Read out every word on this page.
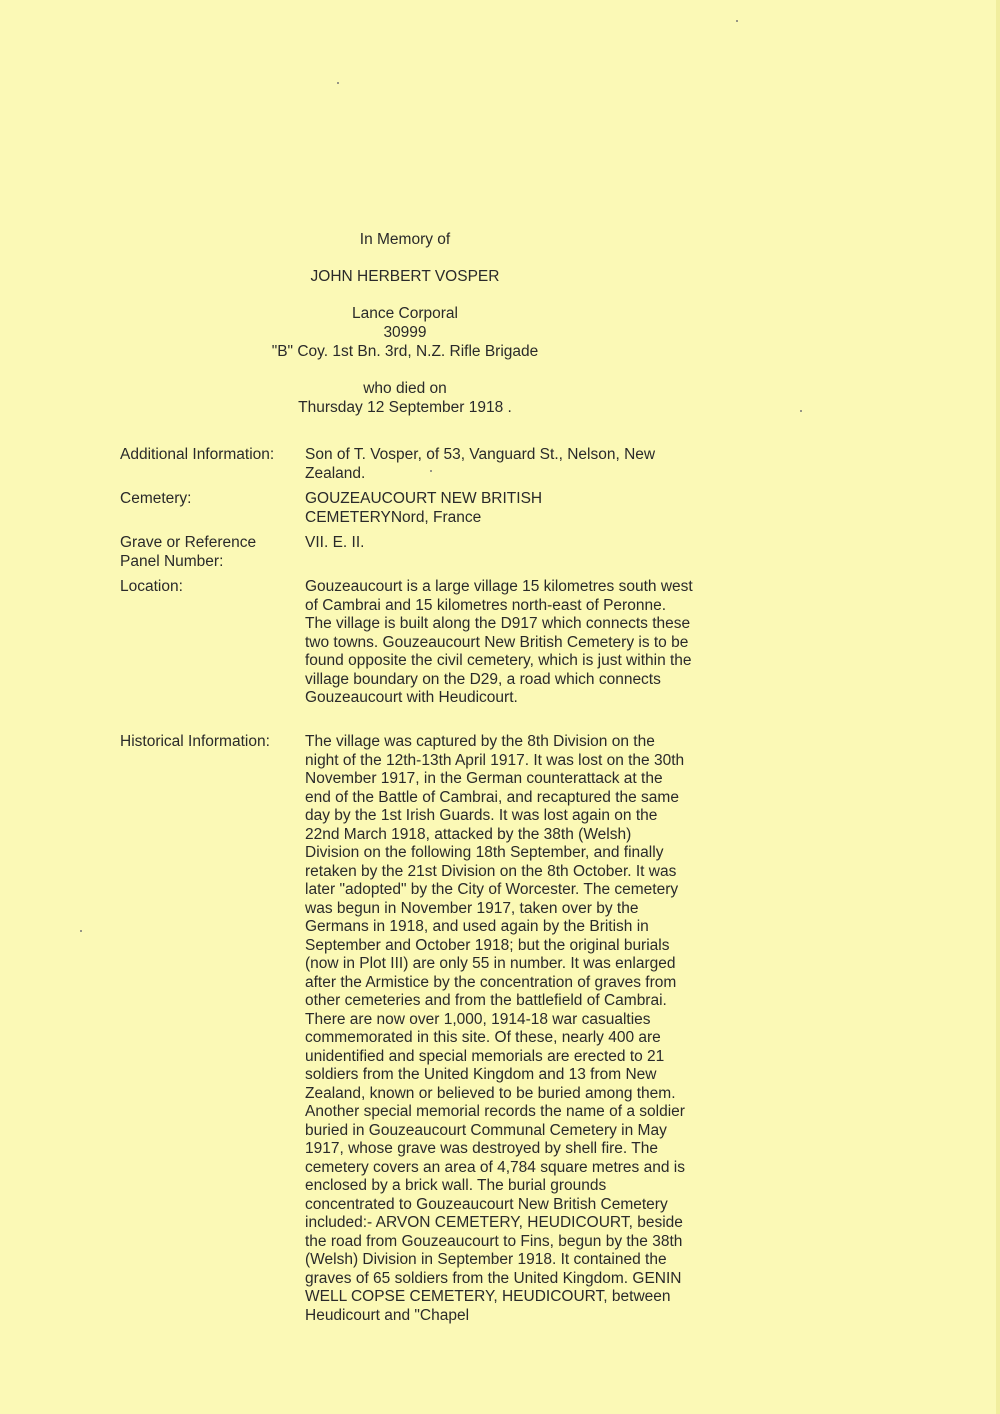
In Memory of
JOHN HERBERT VOSPER
Lance Corporal
30999
"B" Coy. 1st Bn. 3rd, N.Z. Rifle Brigade
who died on
Thursday 12 September 1918 .
Additional Information:	Son of T. Vosper, of 53, Vanguard St., Nelson, New Zealand.
Cemetery:	GOUZEAUCOURT NEW BRITISH
CEMETERYNord, France
Grave or Reference Panel Number:
VII. E. II.
Location:	Gouzeaucourt is a large village 15 kilometres south west of Cambrai and 15 kilometres north-east of Peronne. The village is built along the D917 which connects these two towns. Gouzeaucourt New British Cemetery is to be found opposite the civil cemetery, which is just within the village boundary on the D29, a road which connects Gouzeaucourt with Heudicourt.
Historical Information:	The village was captured by the 8th Division on the night of the 12th-13th April 1917. It was lost on the 30th November 1917, in the German counterattack at the end of the Battle of Cambrai, and recaptured the same day by the 1st Irish Guards. It was lost again on the 22nd March 1918, attacked by the 38th (Welsh) Division on the following 18th September, and finally retaken by the 21st Division on the 8th October. It was later "adopted" by the City of Worcester. The cemetery was begun in November 1917, taken over by the Germans in 1918, and used again by the British in September and October 1918; but the original burials (now in Plot III) are only 55 in number. It was enlarged after the Armistice by the concentration of graves from other cemeteries and from the battlefield of Cambrai. There are now over 1,000, 1914-18 war casualties commemorated in this site. Of these, nearly 400 are unidentified and special memorials are erected to 21 soldiers from the United Kingdom and 13 from New Zealand, known or believed to be buried among them. Another special memorial records the name of a soldier buried in Gouzeaucourt Communal Cemetery in May 1917, whose grave was destroyed by shell fire. The cemetery covers an area of 4,784 square metres and is enclosed by a brick wall. The burial grounds concentrated to Gouzeaucourt New British Cemetery included:- ARVON CEMETERY, HEUDICOURT, beside the road from Gouzeaucourt to Fins, begun by the 38th (Welsh) Division in September 1918. It contained the graves of 65 soldiers from the United Kingdom. GENIN WELL COPSE CEMETERY, HEUDICOURT, between Heudicourt and "Chapel
